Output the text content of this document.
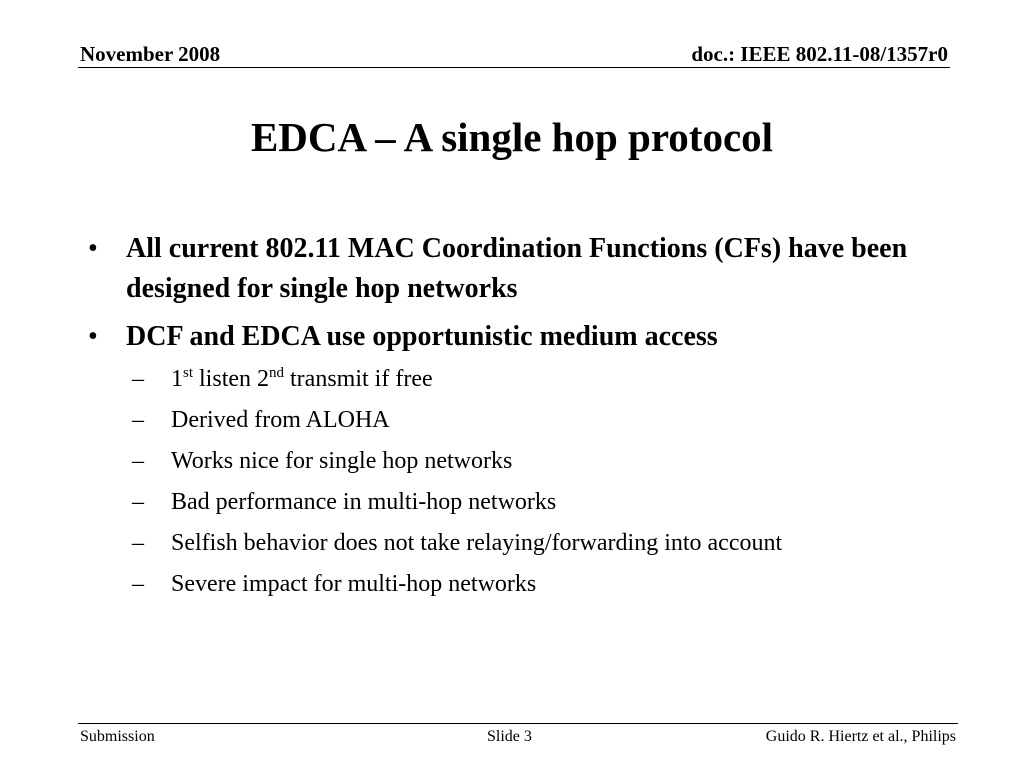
November 2008	doc.: IEEE 802.11-08/1357r0
EDCA – A single hop protocol
• All current 802.11 MAC Coordination Functions (CFs) have been designed for single hop networks
• DCF and EDCA use opportunistic medium access
– 1st listen 2nd transmit if free
– Derived from ALOHA
– Works nice for single hop networks
– Bad performance in multi-hop networks
– Selfish behavior does not take relaying/forwarding into account
– Severe impact for multi-hop networks
Submission	Slide 3	Guido R. Hiertz et al., Philips
